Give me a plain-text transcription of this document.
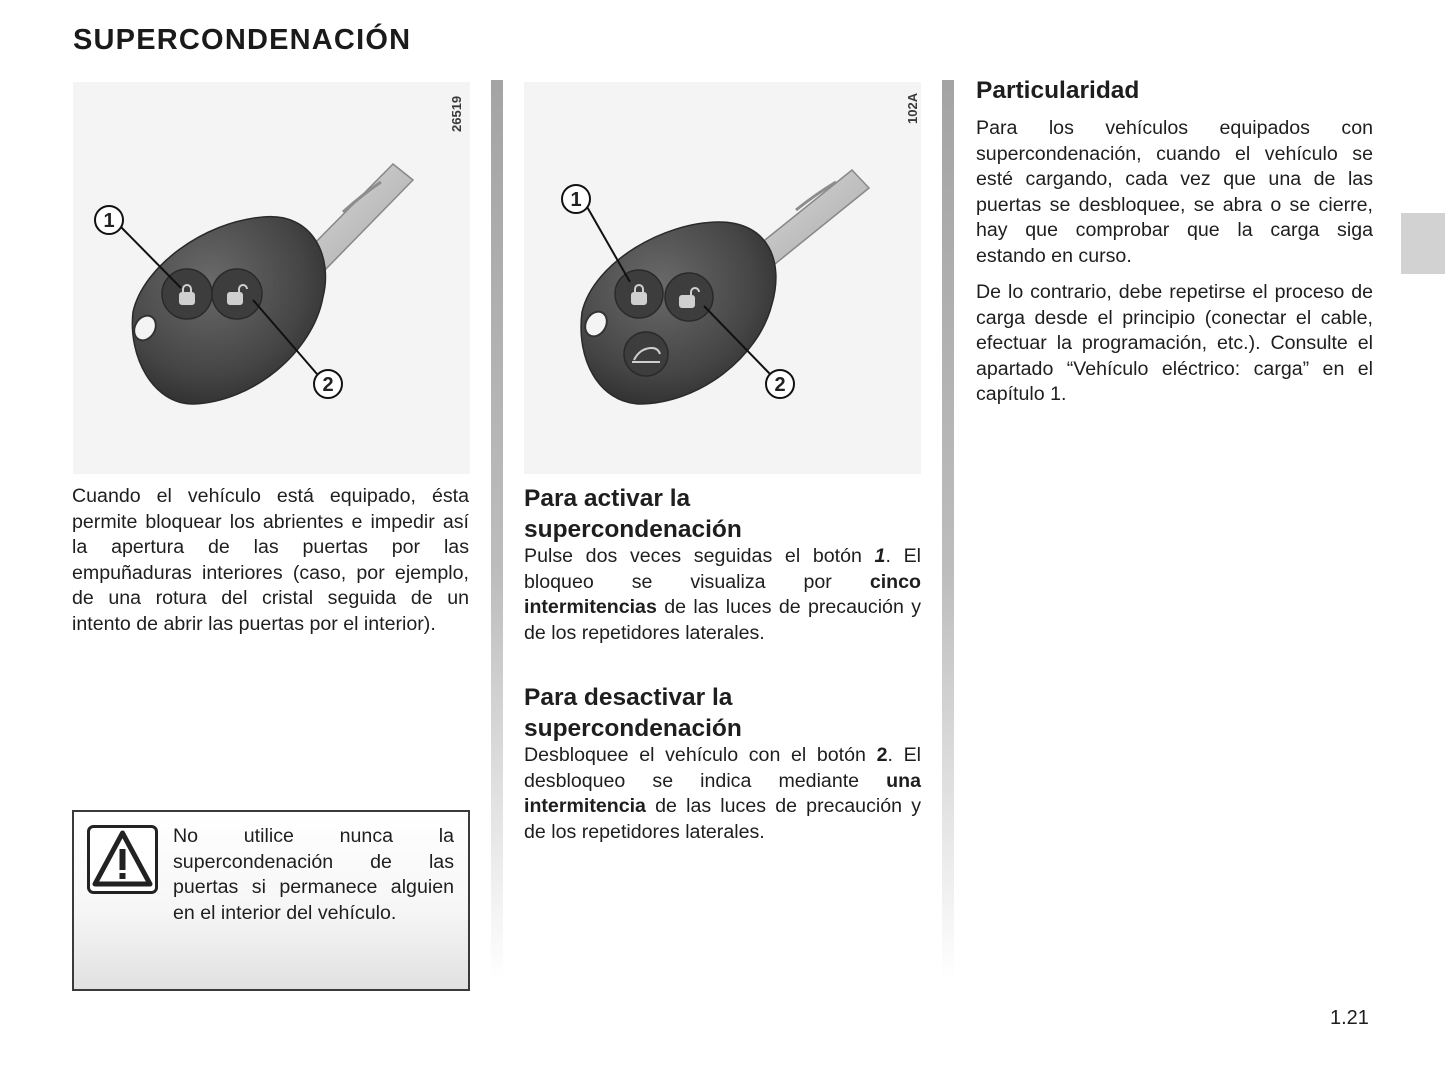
SUPERCONDENACIÓN
1
2
26519
1
2
102A

Cuando el vehículo está equipado, ésta permite bloquear los abrientes e impedir así la apertura de las puertas por las empuñaduras interiores (caso, por ejemplo, de una rotura del cristal seguida de un intento de abrir las puertas por el interior).

No utilice nunca la supercondenación de las puertas si permanece alguien en el interior del vehículo.

Para activar la supercondenación

Pulse dos veces seguidas el botón 1. El bloqueo se visualiza por cinco intermitencias de las luces de precaución y de los repetidores laterales.

Para desactivar la supercondenación

Desbloquee el vehículo con el botón 2. El desbloqueo se indica mediante una intermitencia de las luces de precaución y de los repetidores laterales.

Particularidad

Para los vehículos equipados con supercondenación, cuando el vehículo se esté cargando, cada vez que una de las puertas se desbloquee, se abra o se cierre, hay que comprobar que la carga siga estando en curso.

De lo contrario, debe repetirse el proceso de carga desde el principio (conectar el cable, efectuar la programación, etc.). Consulte el apartado “Vehículo eléctrico: carga” en el capítulo 1.

1.21
